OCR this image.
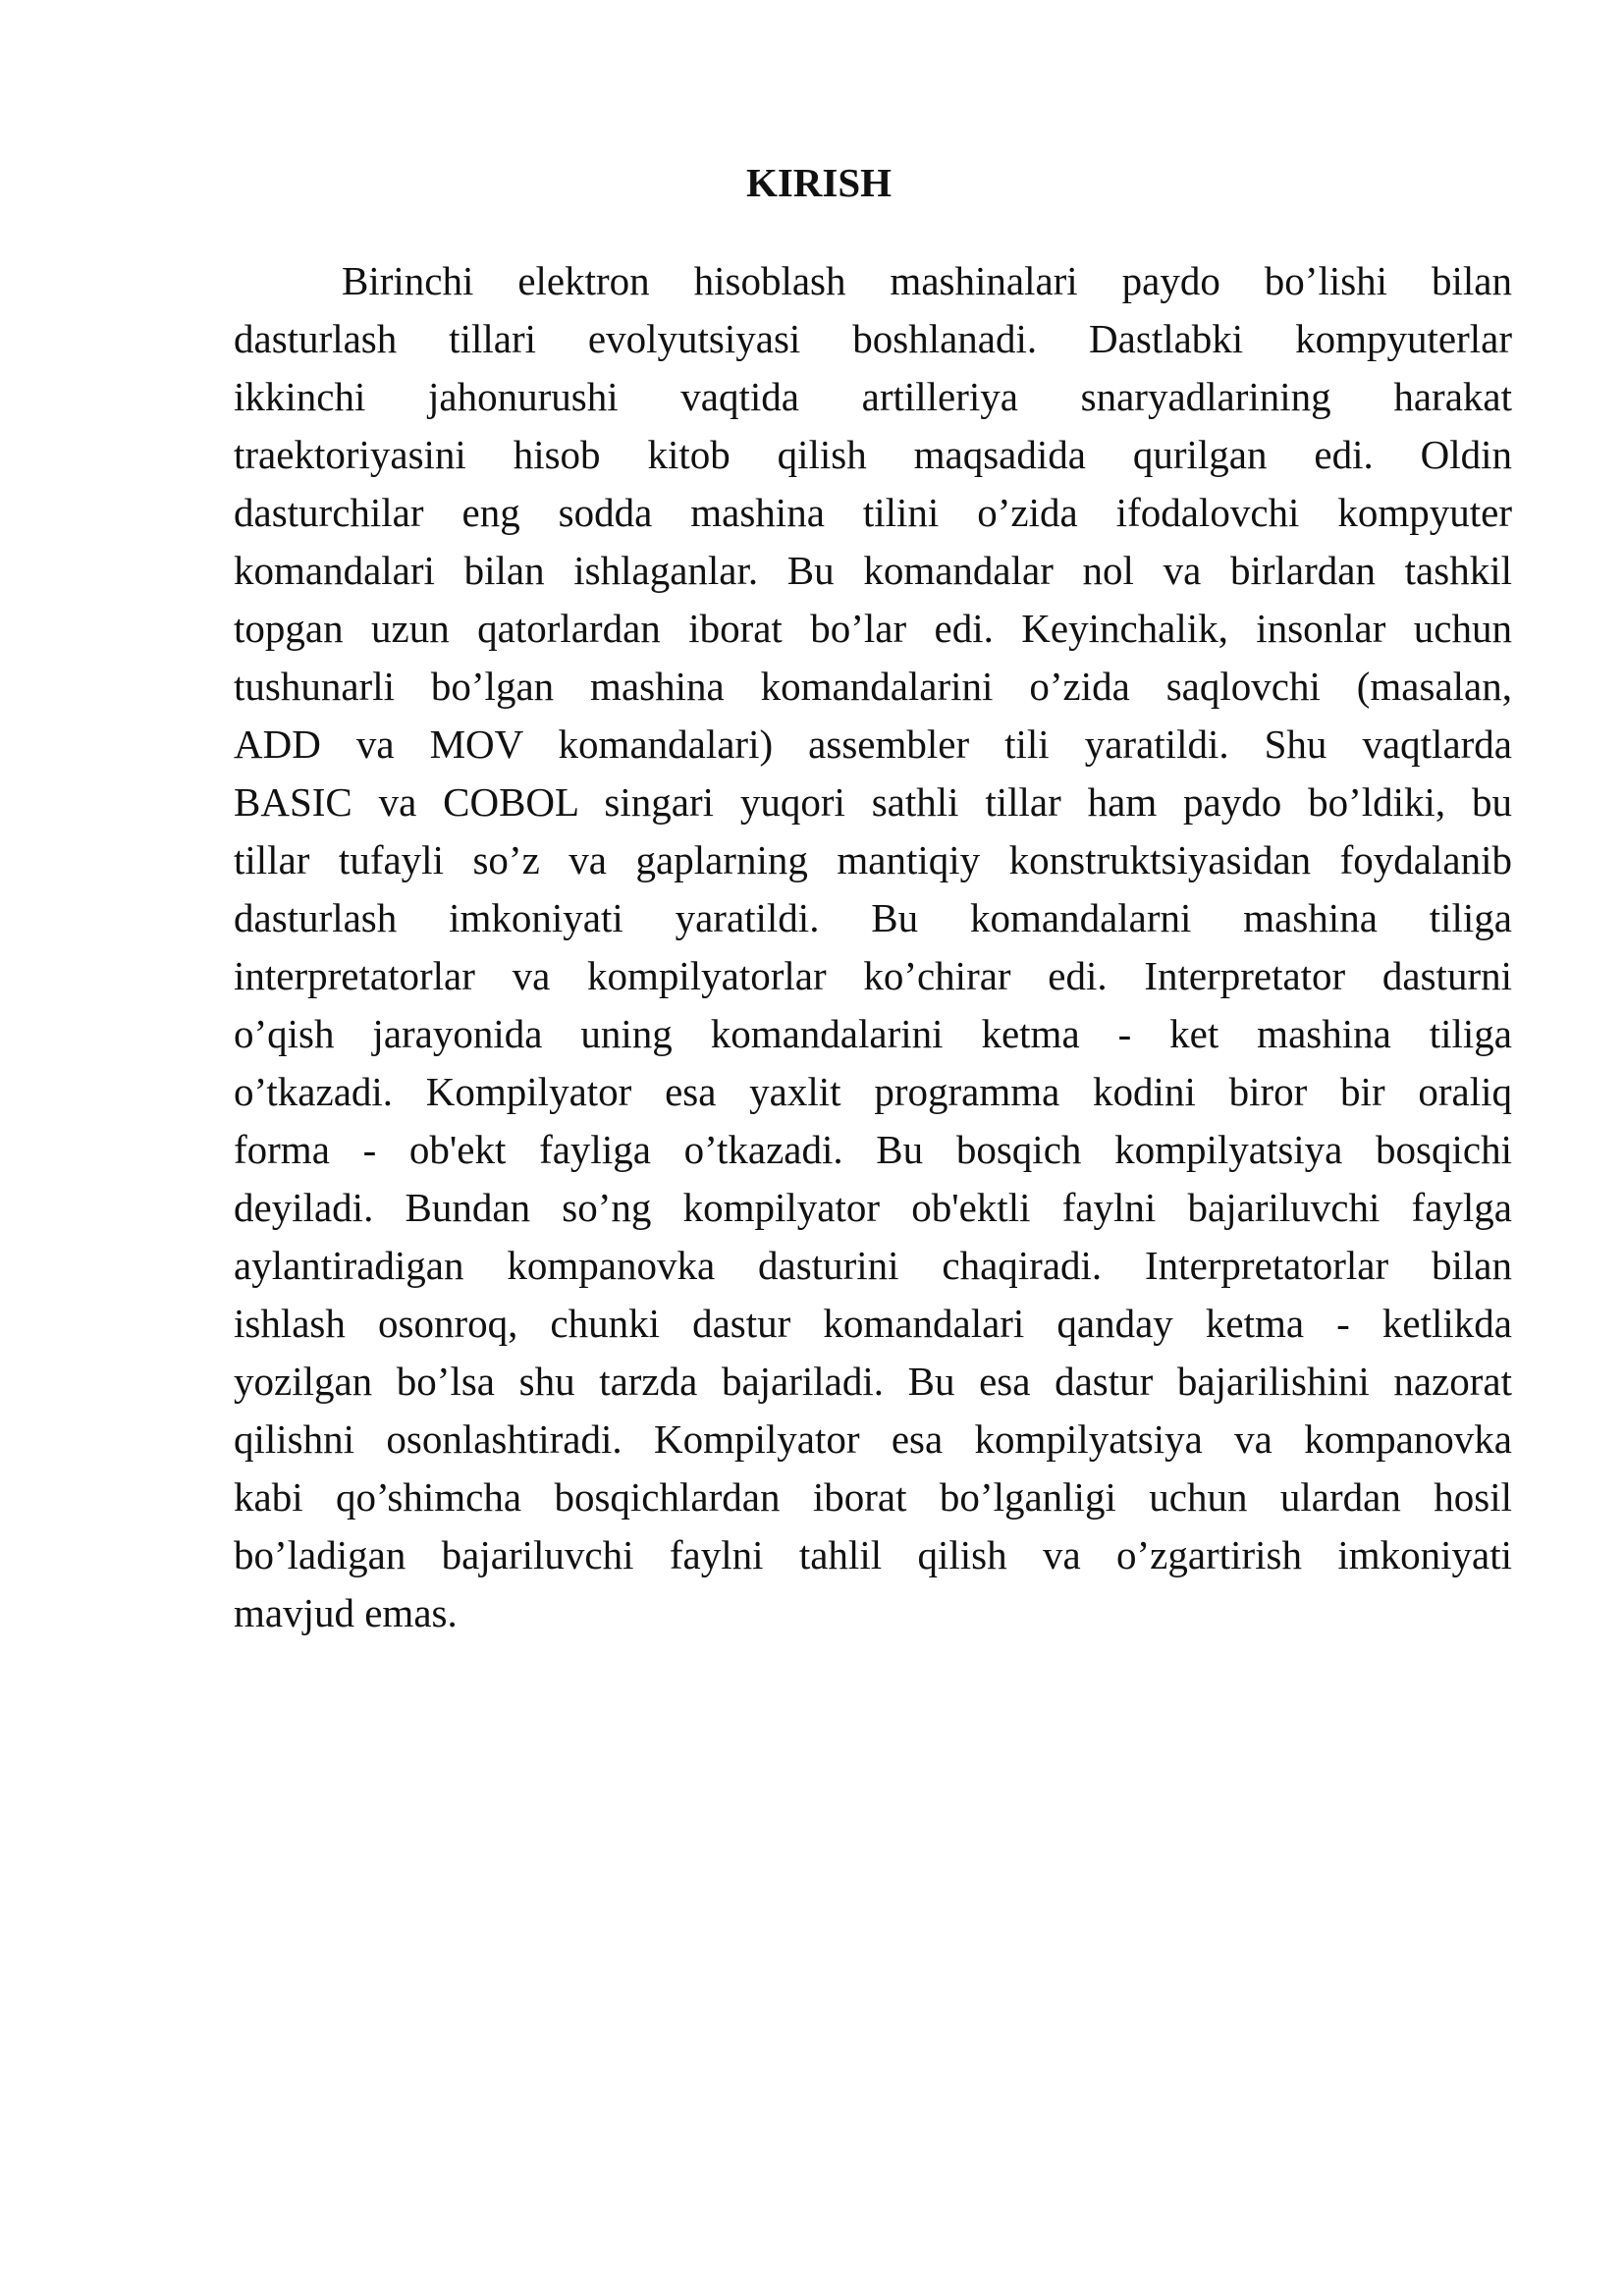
KIRISH
Birinchi elektron hisoblash mashinalari paydo bo’lishi bilan
dasturlash tillari evolyutsiyasi boshlanadi. Dastlabki kompyuterlar
ikkinchi jahonurushi vaqtida artilleriya snaryadlarining harakat
traektoriyasini hisob kitob qilish maqsadida qurilgan edi. Oldin
dasturchilar eng sodda mashina tilini o’zida ifodalovchi kompyuter
komandalari bilan ishlaganlar. Bu komandalar nol va birlardan tashkil
topgan uzun qatorlardan iborat bo’lar edi. Keyinchalik, insonlar uchun
tushunarli bo’lgan mashina komandalarini o’zida saqlovchi (masalan,
ADD va MOV komandalari) assembler tili yaratildi. Shu vaqtlarda
BASIC va COBOL singari yuqori sathli tillar ham paydo bo’ldiki, bu
tillar tufayli so’z va gaplarning mantiqiy konstruktsiyasidan foydalanib
dasturlash imkoniyati yaratildi. Bu komandalarni mashina tiliga
interpretatorlar va kompilyatorlar ko’chirar edi. Interpretator dasturni
o’qish jarayonida uning komandalarini ketma - ket mashina tiliga
o’tkazadi. Kompilyator esa yaxlit programma kodini biror bir oraliq
forma - ob'ekt fayliga o’tkazadi. Bu bosqich kompilyatsiya bosqichi
deyiladi. Bundan so’ng kompilyator ob'ektli faylni bajariluvchi faylga
aylantiradigan kompanovka dasturini chaqiradi. Interpretatorlar bilan
ishlash osonroq, chunki dastur komandalari qanday ketma - ketlikda
yozilgan bo’lsa shu tarzda bajariladi. Bu esa dastur bajarilishini nazorat
qilishni osonlashtiradi. Kompilyator esa kompilyatsiya va kompanovka
kabi qo’shimcha bosqichlardan iborat bo’lganligi uchun ulardan hosil
bo’ladigan bajariluvchi faylni tahlil qilish va o’zgartirish imkoniyati
mavjud emas.
